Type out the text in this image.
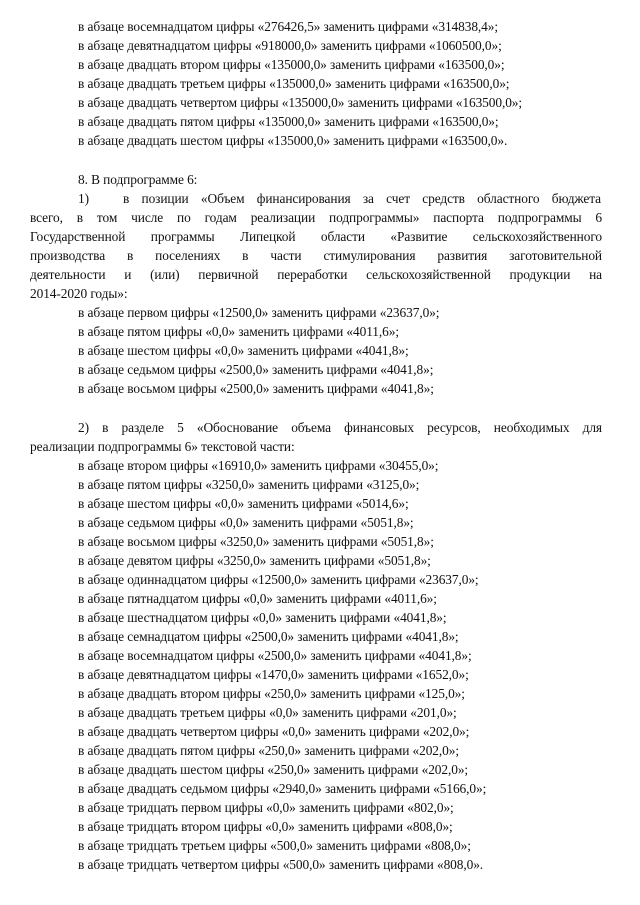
в абзаце восемнадцатом цифры «276426,5» заменить цифрами «314838,4»;
в абзаце девятнадцатом цифры «918000,0» заменить цифрами «1060500,0»;
в абзаце двадцать втором цифры «135000,0» заменить цифрами «163500,0»;
в абзаце двадцать третьем цифры «135000,0» заменить цифрами «163500,0»;
в абзаце двадцать четвертом цифры «135000,0» заменить цифрами «163500,0»;
в абзаце двадцать пятом цифры «135000,0» заменить цифрами «163500,0»;
в абзаце двадцать шестом цифры «135000,0» заменить цифрами «163500,0».
8. В подпрограмме 6:
1)	в позиции «Объем финансирования за счет средств областного бюджета
всего, в том числе по годам реализации подпрограммы» паспорта подпрограммы 6
Государственной программы Липецкой области «Развитие сельскохозяйственного
производства в поселениях в части стимулирования развития заготовительной
деятельности и (или) первичной переработки сельскохозяйственной продукции на
2014-2020 годы»:
в абзаце первом цифры «12500,0» заменить цифрами «23637,0»;
в абзаце пятом цифры «0,0» заменить цифрами «4011,6»;
в абзаце шестом цифры «0,0» заменить цифрами «4041,8»;
в абзаце седьмом цифры «2500,0» заменить цифрами «4041,8»;
в абзаце восьмом цифры «2500,0» заменить цифрами «4041,8»;
2) в разделе 5 «Обоснование объема финансовых ресурсов, необходимых для
реализации подпрограммы 6» текстовой части:
в абзаце втором цифры «16910,0» заменить цифрами «30455,0»;
в абзаце пятом цифры «3250,0» заменить цифрами «3125,0»;
в абзаце шестом цифры «0,0» заменить цифрами «5014,6»;
в абзаце седьмом цифры «0,0» заменить цифрами «5051,8»;
в абзаце восьмом цифры «3250,0» заменить цифрами «5051,8»;
в абзаце девятом цифры «3250,0» заменить цифрами «5051,8»;
в абзаце одиннадцатом цифры «12500,0» заменить цифрами «23637,0»;
в абзаце пятнадцатом цифры «0,0» заменить цифрами «4011,6»;
в абзаце шестнадцатом цифры «0,0» заменить цифрами «4041,8»;
в абзаце семнадцатом цифры «2500,0» заменить цифрами «4041,8»;
в абзаце восемнадцатом цифры «2500,0» заменить цифрами «4041,8»;
в абзаце девятнадцатом цифры «1470,0» заменить цифрами «1652,0»;
в абзаце двадцать втором цифры «250,0» заменить цифрами «125,0»;
в абзаце двадцать третьем цифры «0,0» заменить цифрами «201,0»;
в абзаце двадцать четвертом цифры «0,0» заменить цифрами «202,0»;
в абзаце двадцать пятом цифры «250,0» заменить цифрами «202,0»;
в абзаце двадцать шестом цифры «250,0» заменить цифрами «202,0»;
в абзаце двадцать седьмом цифры «2940,0» заменить цифрами «5166,0»;
в абзаце тридцать первом цифры «0,0» заменить цифрами «802,0»;
в абзаце тридцать втором цифры «0,0» заменить цифрами «808,0»;
в абзаце тридцать третьем цифры «500,0» заменить цифрами «808,0»;
в абзаце тридцать четвертом цифры «500,0» заменить цифрами «808,0».
